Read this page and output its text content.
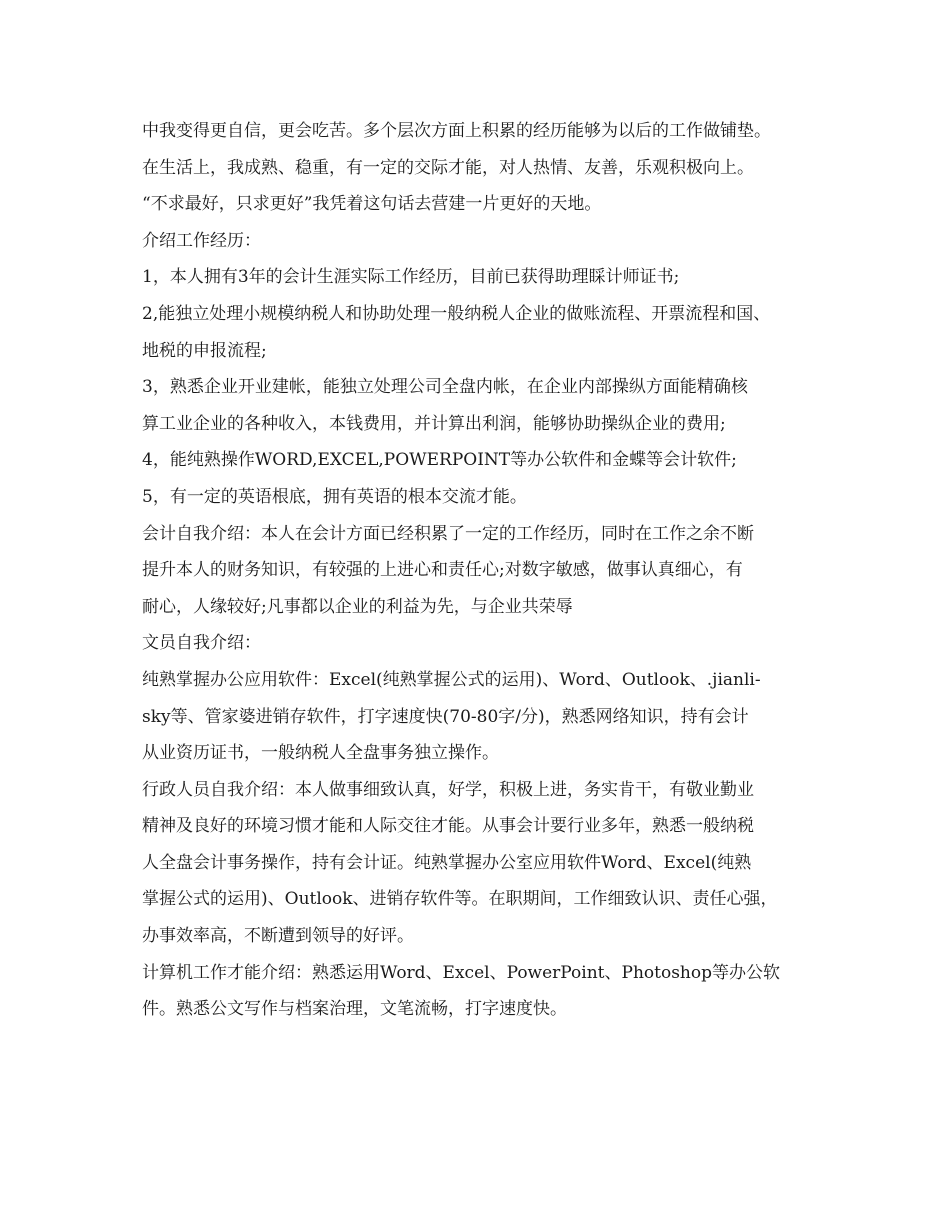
中我变得更自信，更会吃苦。多个层次方面上积累的经历能够为以后的工作做铺垫。
在生活上，我成熟、稳重，有一定的交际才能，对人热情、友善，乐观积极向上。
“不求最好，只求更好”我凭着这句话去营建一片更好的天地。
介绍工作经历：
1，本人拥有3年的会计生涯实际工作经历，目前已获得助理睬计师证书;
2,能独立处理小规模纳税人和协助处理一般纳税人企业的做账流程、开票流程和国、
地税的申报流程;
3，熟悉企业开业建帐，能独立处理公司全盘内帐，在企业内部操纵方面能精确核
算工业企业的各种收入，本钱费用，并计算出利润，能够协助操纵企业的费用;
4，能纯熟操作WORD,EXCEL,POWERPOINT等办公软件和金蝶等会计软件;
5，有一定的英语根底，拥有英语的根本交流才能。
会计自我介绍：本人在会计方面已经积累了一定的工作经历，同时在工作之余不断
提升本人的财务知识，有较强的上进心和责任心;对数字敏感，做事认真细心，有
耐心，人缘较好;凡事都以企业的利益为先，与企业共荣辱
文员自我介绍：
纯熟掌握办公应用软件：Excel(纯熟掌握公式的运用)、Word、Outlook、.jianli-
sky等、管家婆进销存软件，打字速度快(70-80字/分)，熟悉网络知识，持有会计
从业资历证书，一般纳税人全盘事务独立操作。
行政人员自我介绍：本人做事细致认真，好学，积极上进，务实肯干，有敬业勤业
精神及良好的环境习惯才能和人际交往才能。从事会计要行业多年，熟悉一般纳税
人全盘会计事务操作，持有会计证。纯熟掌握办公室应用软件Word、Excel(纯熟
掌握公式的运用)、Outlook、进销存软件等。在职期间，工作细致认识、责任心强，
办事效率高，不断遭到领导的好评。
计算机工作才能介绍：熟悉运用Word、Excel、PowerPoint、Photoshop等办公软
件。熟悉公文写作与档案治理，文笔流畅，打字速度快。
